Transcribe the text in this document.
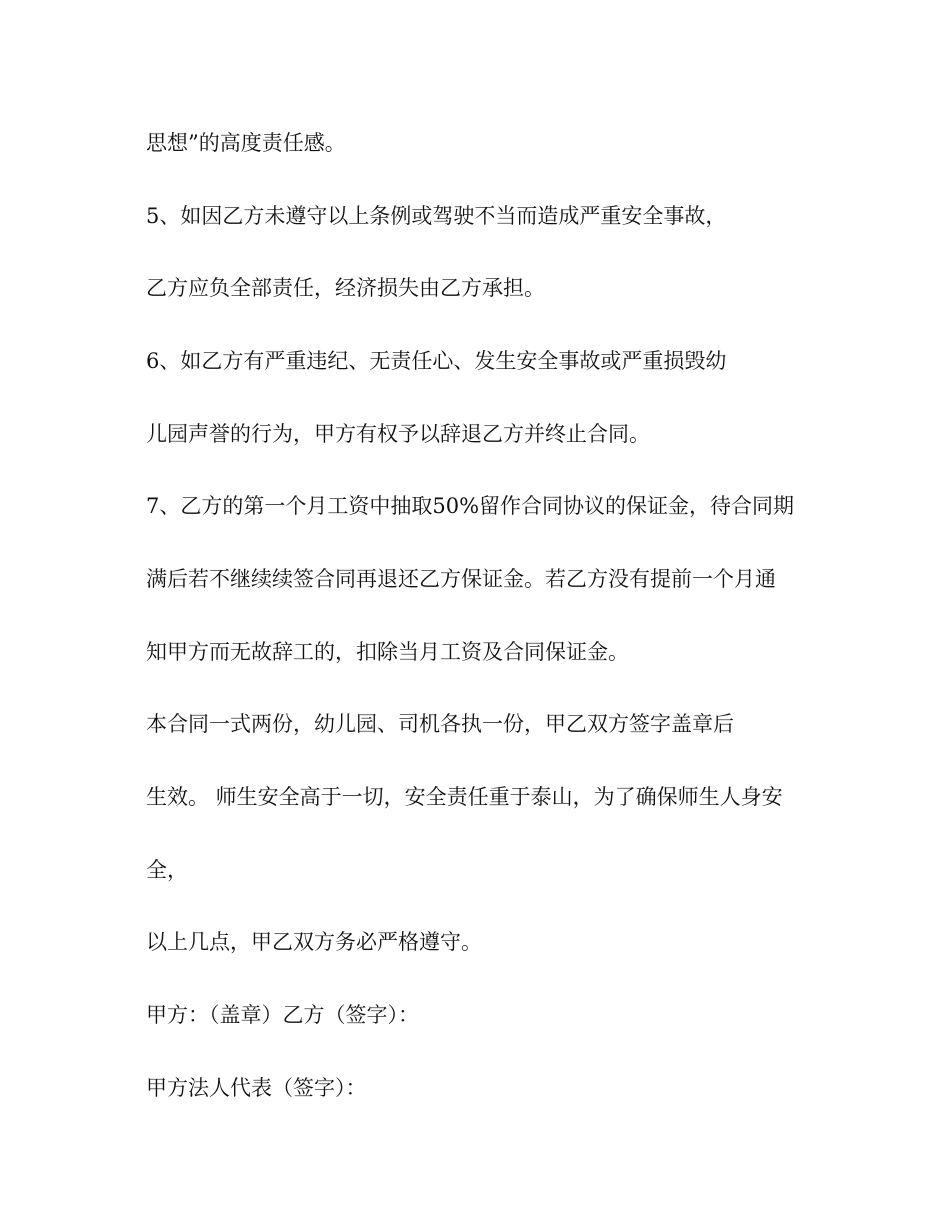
思想”的高度责任感。

5、如因乙方未遵守以上条例或驾驶不当而造成严重安全事故，

乙方应负全部责任，经济损失由乙方承担。

6、如乙方有严重违纪、无责任心、发生安全事故或严重损毁幼

儿园声誉的行为，甲方有权予以辞退乙方并终止合同。

7、乙方的第一个月工资中抽取50%留作合同协议的保证金，待合同期

满后若不继续续签合同再退还乙方保证金。若乙方没有提前一个月通

知甲方而无故辞工的，扣除当月工资及合同保证金。

本合同一式两份，幼儿园、司机各执一份，甲乙双方签字盖章后

生效。 师生安全高于一切，安全责任重于泰山，为了确保师生人身安

全，

以上几点，甲乙双方务必严格遵守。

甲方：（盖章）乙方（签字）：

甲方法人代表（签字）：
